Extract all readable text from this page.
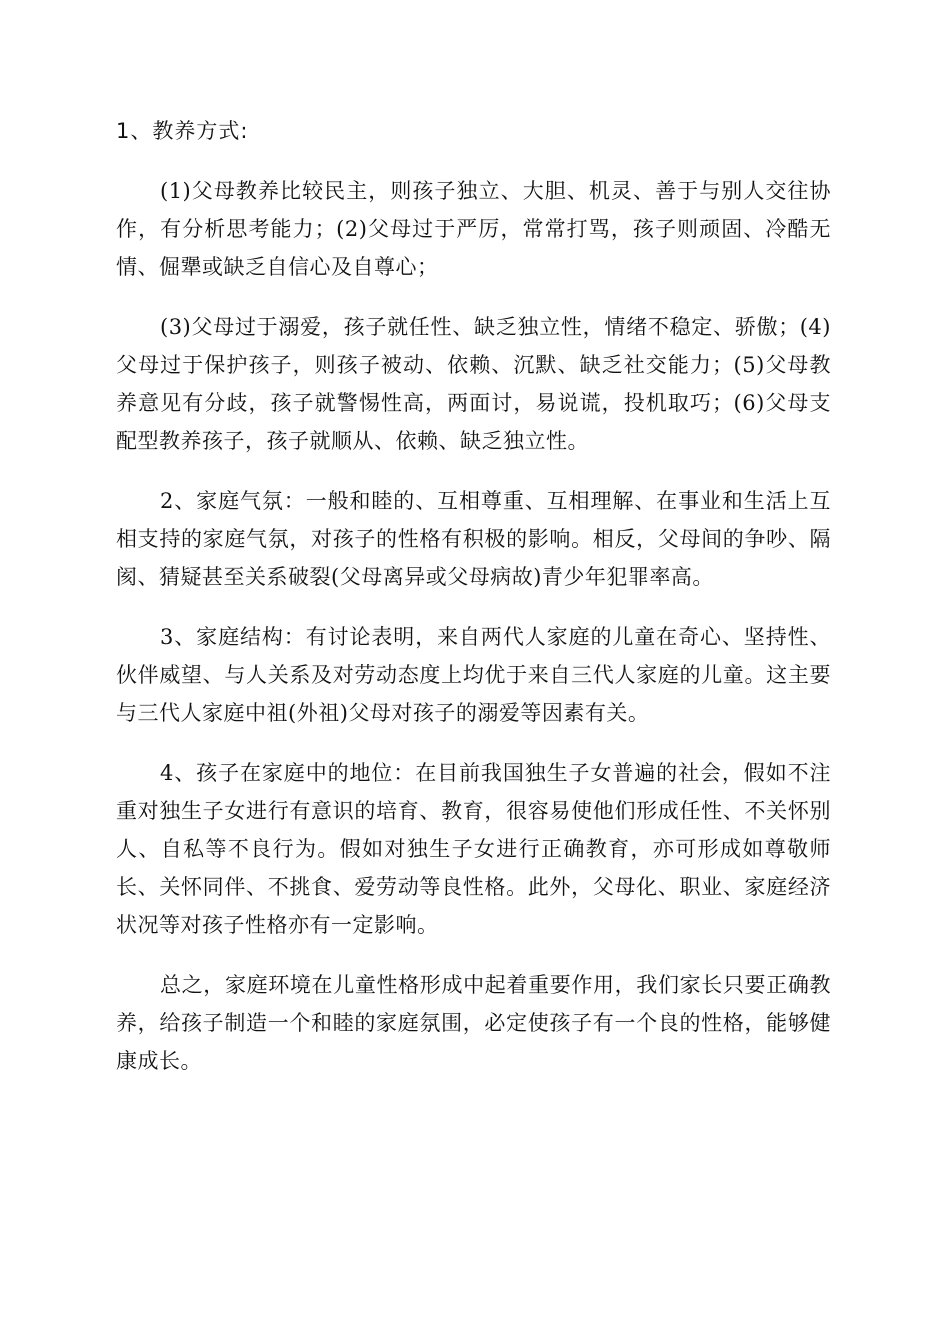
1、教养方式:

(1)父母教养比较民主，则孩子独立、大胆、机灵、善于与别人交往协作，有分析思考能力；(2)父母过于严厉，常常打骂，孩子则顽固、冷酷无情、倔犟或缺乏自信心及自尊心；

(3)父母过于溺爱，孩子就任性、缺乏独立性，情绪不稳定、骄傲；(4)父母过于保护孩子，则孩子被动、依赖、沉默、缺乏社交能力；(5)父母教养意见有分歧，孩子就警惕性高，两面讨，易说谎，投机取巧；(6)父母支配型教养孩子，孩子就顺从、依赖、缺乏独立性。

2、家庭气氛：一般和睦的、互相尊重、互相理解、在事业和生活上互相支持的家庭气氛，对孩子的性格有积极的影响。相反，父母间的争吵、隔阂、猜疑甚至关系破裂(父母离异或父母病故)青少年犯罪率高。

3、家庭结构：有讨论表明，来自两代人家庭的儿童在奇心、坚持性、伙伴威望、与人关系及对劳动态度上均优于来自三代人家庭的儿童。这主要与三代人家庭中祖(外祖)父母对孩子的溺爱等因素有关。

4、孩子在家庭中的地位：在目前我国独生子女普遍的社会，假如不注重对独生子女进行有意识的培育、教育，很容易使他们形成任性、不关怀别人、自私等不良行为。假如对独生子女进行正确教育，亦可形成如尊敬师长、关怀同伴、不挑食、爱劳动等良性格。此外，父母化、职业、家庭经济状况等对孩子性格亦有一定影响。

总之，家庭环境在儿童性格形成中起着重要作用，我们家长只要正确教养，给孩子制造一个和睦的家庭氛围，必定使孩子有一个良的性格，能够健康成长。
